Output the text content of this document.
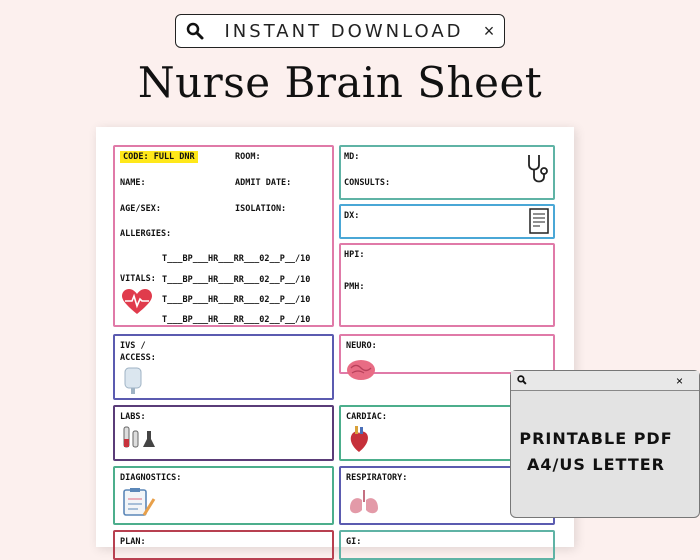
INSTANT DOWNLOAD	×
Nurse Brain Sheet
CODE: FULL DNR	ROOM:
NAME:	ADMIT DATE:
AGE/SEX:	ISOLATION:
ALLERGIES:
VITALS:
T___BP___HR___RR___02__P__/10
T___BP___HR___RR___02__P__/10
T___BP___HR___RR___02__P__/10
T___BP___HR___RR___02__P__/10
MD:
CONSULTS:
DX:
HPI:
PMH:
IVS /
ACCESS:
NEURO:
LABS:	CARDIAC:
DIAGNOSTICS:	RESPIRATORY:
PLAN:	GI:
×
PRINTABLE PDF
A4/US LETTER
